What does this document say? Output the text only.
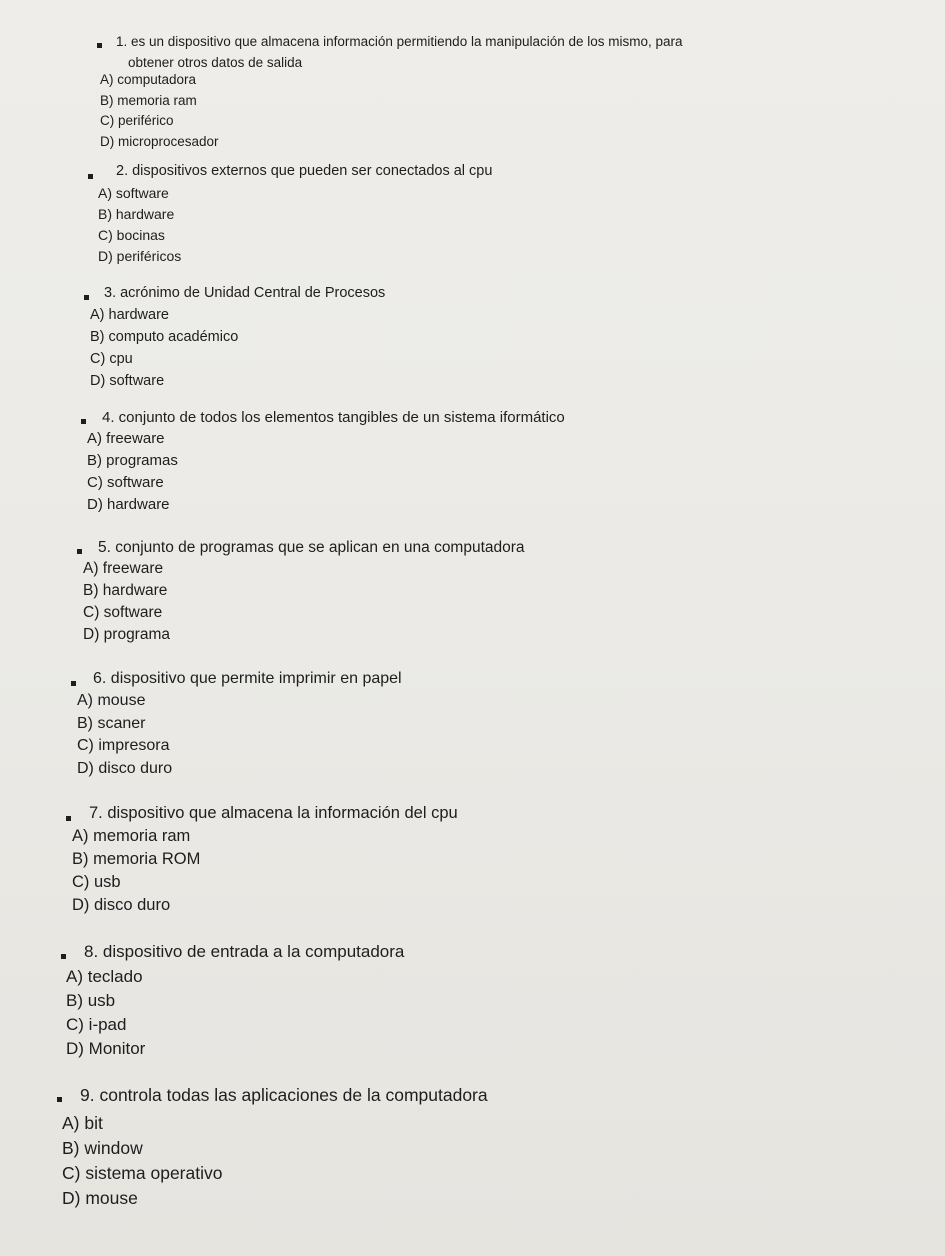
1. es un dispositivo que almacena información permitiendo la manipulación de los mismo, para
obtener otros datos de salida
A) computadora
B) memoria ram
C) periférico
D) microprocesador
2. dispositivos externos que pueden ser conectados al cpu
A) software
B) hardware
C) bocinas
D) periféricos
3. acrónimo de Unidad Central de Procesos
A) hardware
B) computo académico
C) cpu
D) software
4. conjunto de todos los elementos tangibles de un sistema iformático
A) freeware
B) programas
C) software
D) hardware
5. conjunto de programas que se aplican en una computadora
A) freeware
B) hardware
C) software
D) programa
6. dispositivo que permite imprimir en papel
A) mouse
B) scaner
C) impresora
D) disco duro
7. dispositivo que almacena la información del cpu
A) memoria ram
B) memoria ROM
C) usb
D) disco duro
8. dispositivo de entrada a la computadora
A) teclado
B) usb
C) i-pad
D) Monitor
9. controla todas las aplicaciones de la computadora
A) bit
B) window
C) sistema operativo
D) mouse
